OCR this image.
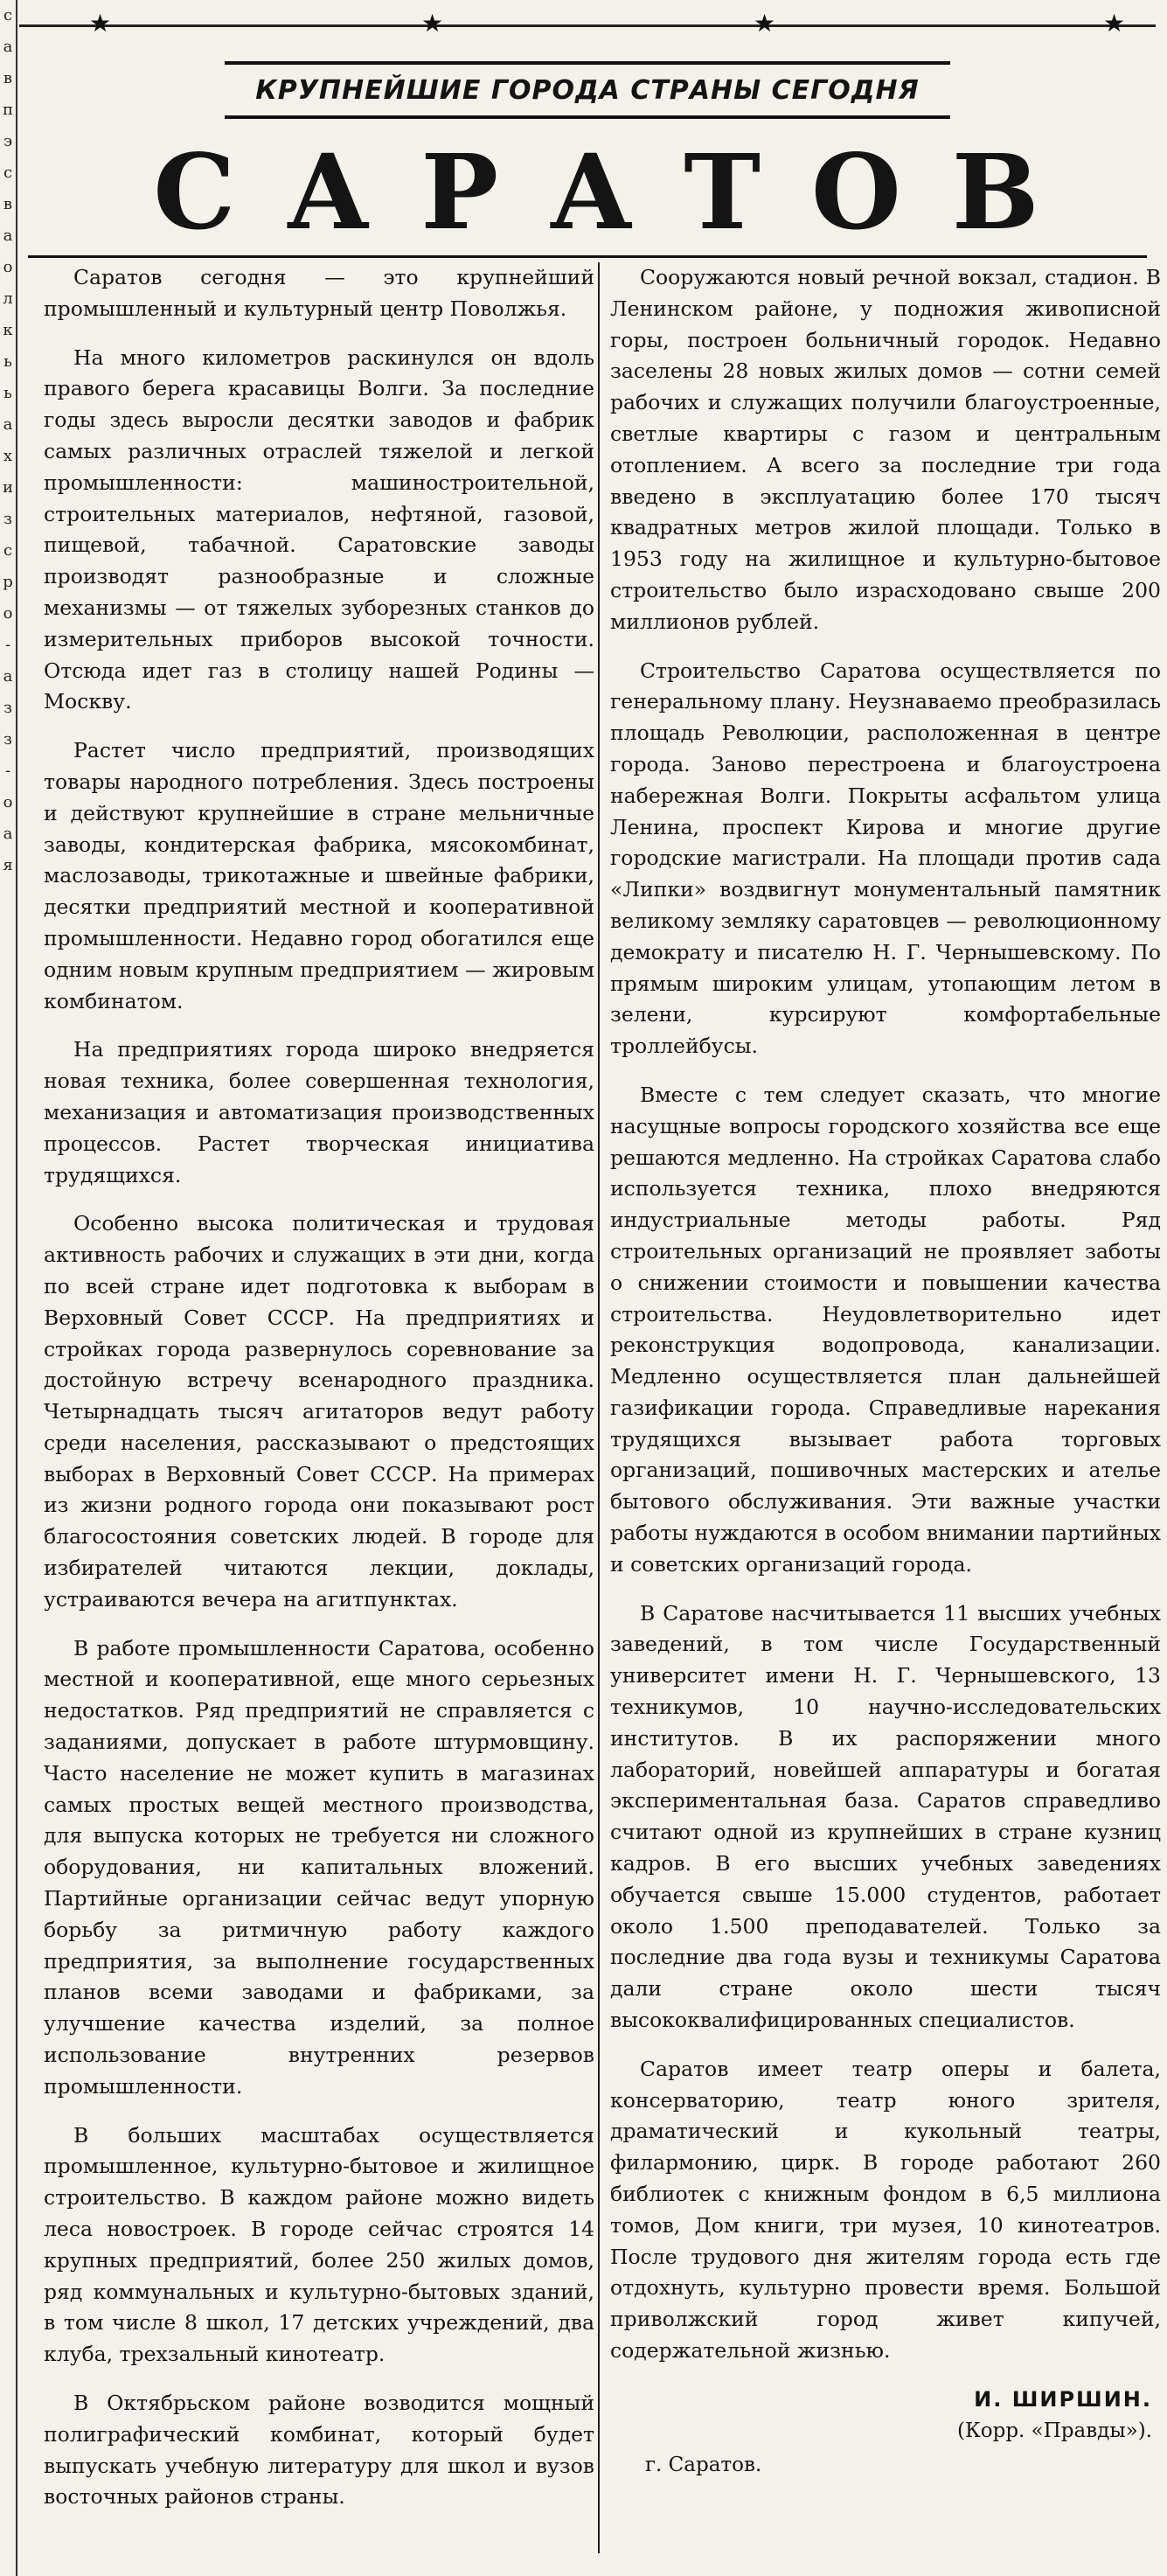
с
а
в
п
э
с
в
а
о
л
к
ь
ь
а
х
и
з
с
р
о
-
а
з
з
-
о
а
я
★	★	★	★
КРУПНЕЙШИЕ ГОРОДА СТРАНЫ СЕГОДНЯ
САРАТОВ

Саратов сегодня — это крупнейший промышленный и культурный центр Поволжья.

На много километров раскинулся он вдоль правого берега красавицы Волги. За последние годы здесь выросли десятки заводов и фабрик самых различных отраслей тяжелой и легкой промышленности: машиностроительной, строительных материалов, нефтяной, газовой, пищевой, табачной. Саратовские заводы производят разнообразные и сложные механизмы — от тяжелых зуборезных станков до измерительных приборов высокой точности. Отсюда идет газ в столицу нашей Родины — Москву.

Растет число предприятий, производящих товары народного потребления. Здесь построены и действуют крупнейшие в стране мельничные заводы, кондитерская фабрика, мясокомбинат, маслозаводы, трикотажные и швейные фабрики, десятки предприятий местной и кооперативной промышленности. Недавно город обогатился еще одним новым крупным предприятием — жировым комбинатом.

На предприятиях города широко внедряется новая техника, более совершенная технология, механизация и автоматизация производственных процессов. Растет творческая инициатива трудящихся.

Особенно высока политическая и трудовая активность рабочих и служащих в эти дни, когда по всей стране идет подготовка к выборам в Верховный Совет СССР. На предприятиях и стройках города развернулось соревнование за достойную встречу всенародного праздника. Четырнадцать тысяч агитаторов ведут работу среди населения, рассказывают о предстоящих выборах в Верховный Совет СССР. На примерах из жизни родного города они показывают рост благосостояния советских людей. В городе для избирателей читаются лекции, доклады, устраиваются вечера на агитпунктах.

В работе промышленности Саратова, особенно местной и кооперативной, еще много серьезных недостатков. Ряд предприятий не справляется с заданиями, допускает в работе штурмовщину. Часто население не может купить в магазинах самых простых вещей местного производства, для выпуска которых не требуется ни сложного оборудования, ни капитальных вложений. Партийные организации сейчас ведут упорную борьбу за ритмичную работу каждого предприятия, за выполнение государственных планов всеми заводами и фабриками, за улучшение качества изделий, за полное использование внутренних резервов промышленности.

В больших масштабах осуществляется промышленное, культурно-бытовое и жилищное строительство. В каждом районе можно видеть леса новостроек. В городе сейчас строятся 14 крупных предприятий, более 250 жилых домов, ряд коммунальных и культурно-бытовых зданий, в том числе 8 школ, 17 детских учреждений, два клуба, трехзальный кинотеатр.

В Октябрьском районе возводится мощный полиграфический комбинат, который будет выпускать учебную литературу для школ и вузов восточных районов страны.

Сооружаются новый речной вокзал, стадион. В Ленинском районе, у подножия живописной горы, построен больничный городок. Недавно заселены 28 новых жилых домов — сотни семей рабочих и служащих получили благоустроенные, светлые квартиры с газом и центральным отоплением. А всего за последние три года введено в эксплуатацию более 170 тысяч квадратных метров жилой площади. Только в 1953 году на жилищное и культурно-бытовое строительство было израсходовано свыше 200 миллионов рублей.

Строительство Саратова осуществляется по генеральному плану. Неузнаваемо преобразилась площадь Революции, расположенная в центре города. Заново перестроена и благоустроена набережная Волги. Покрыты асфальтом улица Ленина, проспект Кирова и многие другие городские магистрали. На площади против сада «Липки» воздвигнут монументальный памятник великому земляку саратовцев — революционному демократу и писателю Н. Г. Чернышевскому. По прямым широким улицам, утопающим летом в зелени, курсируют комфортабельные троллейбусы.

Вместе с тем следует сказать, что многие насущные вопросы городского хозяйства все еще решаются медленно. На стройках Саратова слабо используется техника, плохо внедряются индустриальные методы работы. Ряд строительных организаций не проявляет заботы о снижении стоимости и повышении качества строительства. Неудовлетворительно идет реконструкция водопровода, канализации. Медленно осуществляется план дальнейшей газификации города. Справедливые нарекания трудящихся вызывает работа торговых организаций, пошивочных мастерских и ателье бытового обслуживания. Эти важные участки работы нуждаются в особом внимании партийных и советских организаций города.

В Саратове насчитывается 11 высших учебных заведений, в том числе Государственный университет имени Н. Г. Чернышевского, 13 техникумов, 10 научно-исследовательских институтов. В их распоряжении много лабораторий, новейшей аппаратуры и богатая экспериментальная база. Саратов справедливо считают одной из крупнейших в стране кузниц кадров. В его высших учебных заведениях обучается свыше 15.000 студентов, работает около 1.500 преподавателей. Только за последние два года вузы и техникумы Саратова дали стране около шести тысяч высококвалифицированных специалистов.

Саратов имеет театр оперы и балета, консерваторию, театр юного зрителя, драматический и кукольный театры, филармонию, цирк. В городе работают 260 библиотек с книжным фондом в 6,5 миллиона томов, Дом книги, три музея, 10 кинотеатров. После трудового дня жителям города есть где отдохнуть, культурно провести время. Большой приволжский город живет кипучей, содержательной жизнью.

И. ШИРШИН.
(Корр. «Правды»).
г. Саратов.
